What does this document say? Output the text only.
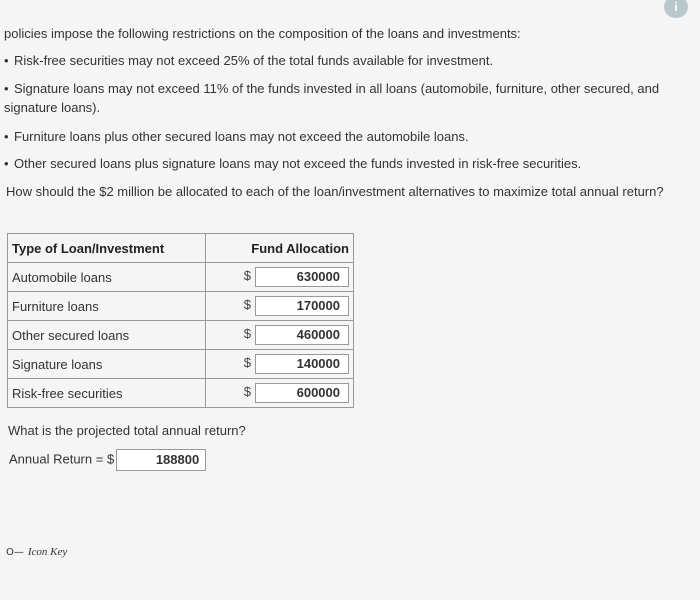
i
policies impose the following restrictions on the composition of the loans and investments:
• Risk-free securities may not exceed 25% of the total funds available for investment.
• Signature loans may not exceed 11% of the funds invested in all loans (automobile, furniture, other secured, and signature loans).
• Furniture loans plus other secured loans may not exceed the automobile loans.
• Other secured loans plus signature loans may not exceed the funds invested in risk-free securities.
How should the $2 million be allocated to each of the loan/investment alternatives to maximize total annual return?
Type of Loan/Investment	Fund Allocation
Automobile loans	$ 630000
Furniture loans	$ 170000
Other secured loans	$ 460000
Signature loans	$ 140000
Risk-free securities	$ 600000
What is the projected total annual return?
Annual Return = $	188800
O— Icon Key
